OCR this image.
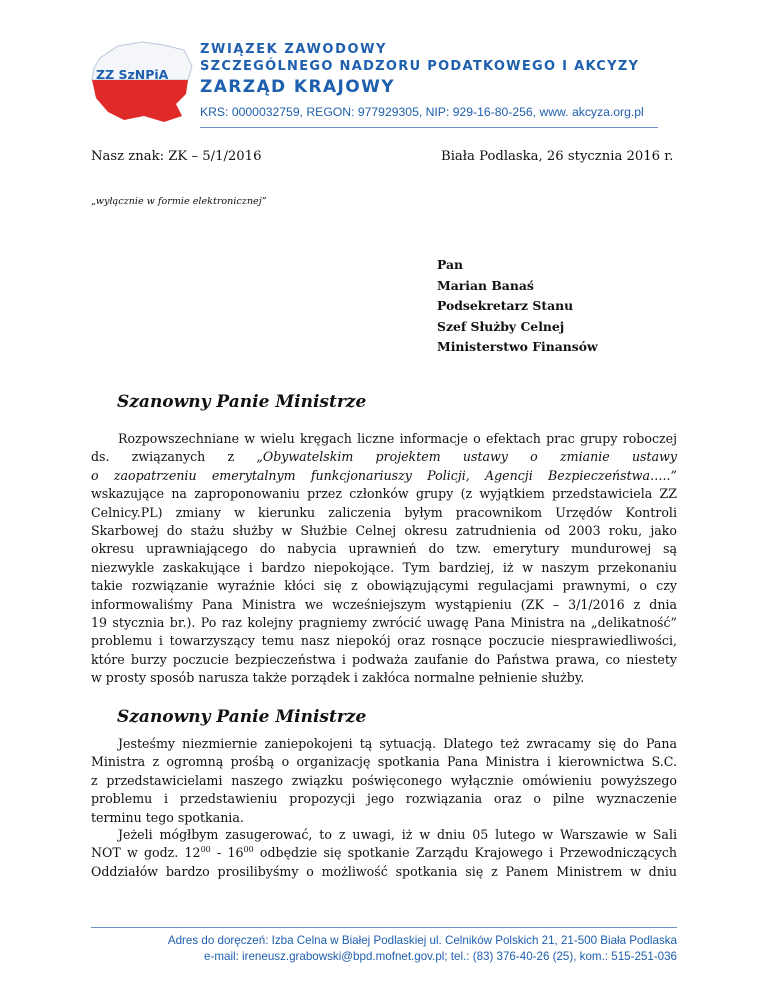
ZZ SzNPiA
ZWIĄZEK ZAWODOWY
SZCZEGÓLNEGO NADZORU PODATKOWEGO I AKCYZY
ZARZĄD KRAJOWY
KRS: 0000032759, REGON: 977929305, NIP: 929-16-80-256, www. akcyza.org.pl
Nasz znak: ZK – 5/1/2016	Biała Podlaska, 26 stycznia 2016 r.
„wyłącznie w formie elektronicznej”
Pan
Marian Banaś
Podsekretarz Stanu
Szef Służby Celnej
Ministerstwo Finansów
Szanowny Panie Ministrze
Rozpowszechniane w wielu kręgach liczne informacje o efektach prac grupy roboczej
ds.     związanych     z     „Obywatelskim     projektem     ustawy     o     zmianie     ustawy
o zaopatrzeniu emerytalnym funkcjonariuszy Policji, Agencji Bezpieczeństwa…..”
wskazujące na zaproponowaniu przez członków grupy (z wyjątkiem przedstawiciela ZZ
Celnicy.PL) zmiany w kierunku zaliczenia byłym pracownikom Urzędów Kontroli
Skarbowej do stażu służby w Służbie Celnej okresu zatrudnienia od 2003 roku, jako
okresu uprawniającego do nabycia uprawnień do tzw. emerytury mundurowej są
niezwykle zaskakujące i bardzo niepokojące. Tym bardziej, iż w naszym przekonaniu
takie rozwiązanie wyraźnie kłóci się z obowiązującymi regulacjami prawnymi, o czy
informowaliśmy Pana Ministra we wcześniejszym wystąpieniu (ZK – 3/1/2016 z dnia
19 stycznia br.). Po raz kolejny pragniemy zwrócić uwagę Pana Ministra na „delikatność”
problemu i towarzyszący temu nasz niepokój oraz rosnące poczucie niesprawiedliwości,
które burzy poczucie bezpieczeństwa i podważa zaufanie do Państwa prawa, co niestety
w prosty sposób narusza także porządek i zakłóca normalne pełnienie służby.
Szanowny Panie Ministrze
Jesteśmy niezmiernie zaniepokojeni tą sytuacją. Dlatego też zwracamy się do Pana
Ministra z ogromną prośbą o organizację spotkania Pana Ministra i kierownictwa S.C.
z przedstawicielami naszego związku poświęconego wyłącznie omówieniu powyższego
problemu i przedstawieniu propozycji jego rozwiązania oraz o pilne wyznaczenie
terminu tego spotkania.
Jeżeli mógłbym zasugerować, to z uwagi, iż w dniu 05 lutego w Warszawie w Sali
NOT w godz. $12^{00} - 16^{00}$ odbędzie się spotkanie Zarządu Krajowego i Przewodniczących
Oddziałów bardzo prosilibyśmy o możliwość spotkania się z Panem Ministrem w dniu
Adres do doręczeń: Izba Celna w Białej Podlaskiej ul. Celników Polskich 21, 21-500 Biała Podlaska
e-mail: ireneusz.grabowski@bpd.mofnet.gov.pl; tel.: (83) 376-40-26 (25), kom.: 515-251-036
